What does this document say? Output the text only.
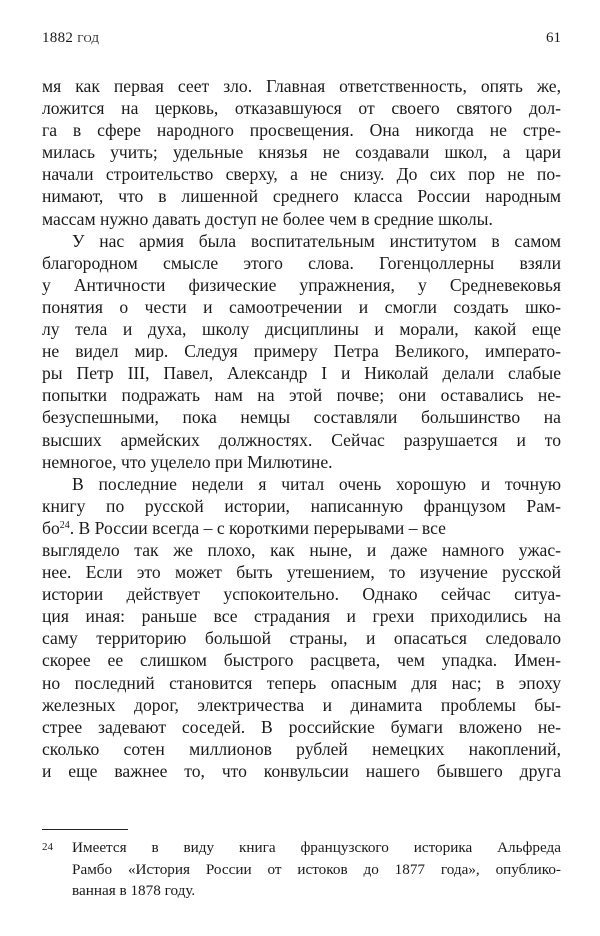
1882 год	61
мя как первая сеет зло. Главная ответственность, опять же,
ложится на церковь, отказавшуюся от своего святого дол-
га в сфере народного просвещения. Она никогда не стре-
милась учить; удельные князья не создавали школ, а цари
начали строительство сверху, а не снизу. До сих пор не по-
нимают, что в лишенной среднего класса России народным
массам нужно давать доступ не более чем в средние школы.
У нас армия была воспитательным институтом в самом
благородном смысле этого слова. Гогенцоллерны взяли
у Античности физические упражнения, у Средневековья
понятия о чести и самоотречении и смогли создать шко-
лу тела и духа, школу дисциплины и морали, какой еще
не видел мир. Следуя примеру Петра Великого, императо-
ры Петр III, Павел, Александр I и Николай делали слабые
попытки подражать нам на этой почве; они оставались не-
безуспешными, пока немцы составляли большинство на
высших армейских должностях. Сейчас разрушается и то
немногое, что уцелело при Милютине.
В последние недели я читал очень хорошую и точную
книгу по русской истории, написанную французом Рам-
$бо^{24}$. В России всегда – с короткими перерывами – все
выглядело так же плохо, как ныне, и даже намного ужас-
нее. Если это может быть утешением, то изучение русской
истории действует успокоительно. Однако сейчас ситуа-
ция иная: раньше все страдания и грехи приходились на
саму территорию большой страны, и опасаться следовало
скорее ее слишком быстрого расцвета, чем упадка. Имен-
но последний становится теперь опасным для нас; в эпоху
железных дорог, электричества и динамита проблемы бы-
стрее задевают соседей. В российские бумаги вложено не-
сколько сотен миллионов рублей немецких накоплений,
и еще важнее то, что конвульсии нашего бывшего друга
24 Имеется в виду книга французского историка Альфреда
Рамбо «История России от истоков до 1877 года», опублико-
ванная в 1878 году.
